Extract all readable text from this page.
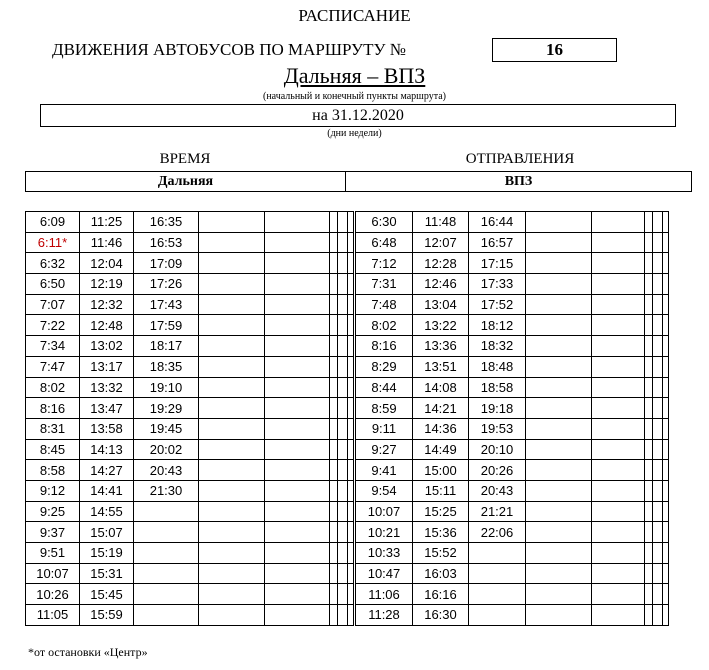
РАСПИСАНИЕ
ДВИЖЕНИЯ АВТОБУСОВ ПО МАРШРУТУ №	16
Дальняя – ВПЗ
(начальный и конечный пункты маршрута)
на 31.12.2020
(дни недели)
ВРЕМЯ	ОТПРАВЛЕНИЯ
Дальняя	ВПЗ
6:09	11:25	16:35					
6:11*	11:46	16:53					
6:32	12:04	17:09					
6:50	12:19	17:26					
7:07	12:32	17:43					
7:22	12:48	17:59					
7:34	13:02	18:17					
7:47	13:17	18:35					
8:02	13:32	19:10					
8:16	13:47	19:29					
8:31	13:58	19:45					
8:45	14:13	20:02					
8:58	14:27	20:43					
9:12	14:41	21:30					
9:25	14:55						
9:37	15:07						
9:51	15:19						
10:07	15:31						
10:26	15:45						
11:05	15:59						
6:30	11:48	16:44					
6:48	12:07	16:57					
7:12	12:28	17:15					
7:31	12:46	17:33					
7:48	13:04	17:52					
8:02	13:22	18:12					
8:16	13:36	18:32					
8:29	13:51	18:48					
8:44	14:08	18:58					
8:59	14:21	19:18					
9:11	14:36	19:53					
9:27	14:49	20:10					
9:41	15:00	20:26					
9:54	15:11	20:43					
10:07	15:25	21:21					
10:21	15:36	22:06					
10:33	15:52						
10:47	16:03						
11:06	16:16						
11:28	16:30						
*от остановки «Центр»
